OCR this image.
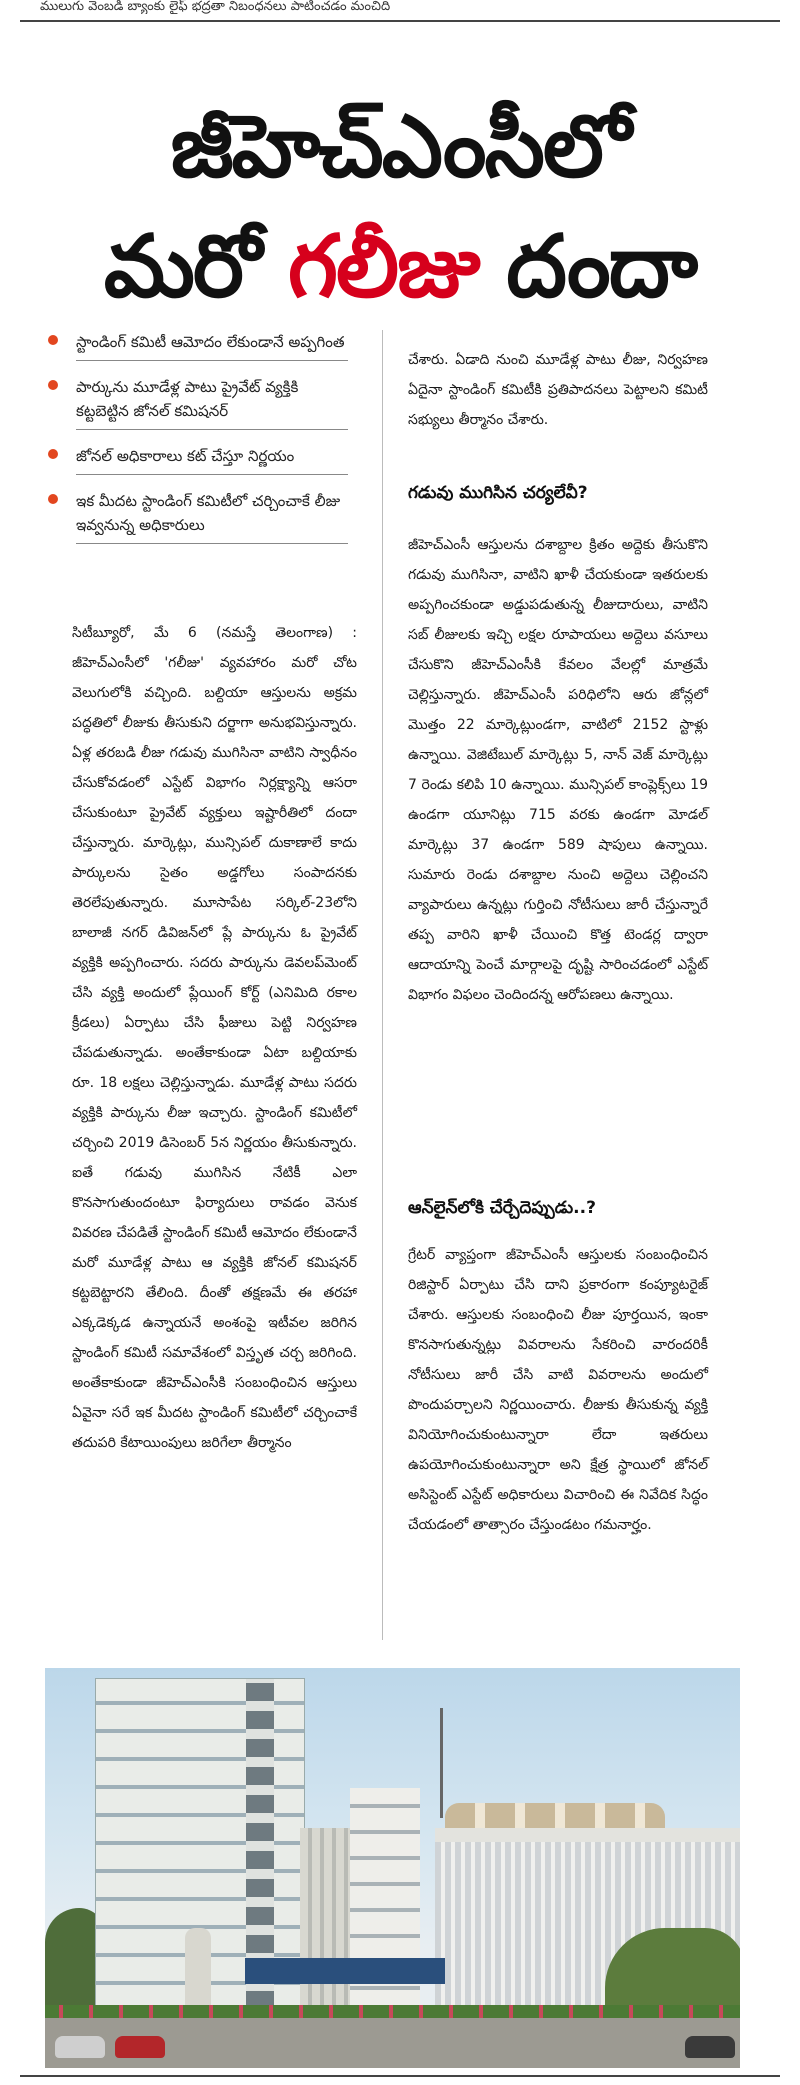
ములుగు వెంబడి బ్యాంకు లైఫ్ భద్రతా నిబంధనలు పాటించడం మంచిది
జీహెచ్ఎంసీలో
మరో గలీజు దందా
స్టాండింగ్ కమిటీ ఆమోదం లేకుండానే అప్పగింత
పార్కును మూడేళ్ల పాటు ప్రైవేట్ వ్యక్తికి కట్టబెట్టిన జోనల్ కమిషనర్
జోనల్ అధికారాలు కట్ చేస్తూ నిర్ణయం
ఇక మీదట స్టాండింగ్ కమిటీలో చర్చించాకే లీజు ఇవ్వనున్న అధికారులు
సిటీబ్యూరో, మే 6 (నమస్తే తెలంగాణ) : జీహెచ్ఎంసీలో 'గలీజు' వ్యవహారం మరో చోట వెలుగులోకి వచ్చింది. బల్దియా ఆస్తులను అక్రమ పద్ధతిలో లీజుకు తీసుకుని దర్జాగా అనుభవిస్తున్నారు. ఏళ్ల తరబడి లీజు గడువు ముగిసినా వాటిని స్వాధీనం చేసుకోవడంలో ఎస్టేట్ విభాగం నిర్లక్ష్యాన్ని ఆసరా చేసుకుంటూ ప్రైవేట్ వ్యక్తులు ఇష్టారీతిలో దందా చేస్తున్నారు. మార్కెట్లు, మున్సిపల్ దుకాణాలే కాదు పార్కులను సైతం అడ్డగోలు సంపాదనకు తెరలేపుతున్నారు. మూసాపేట సర్కిల్-23లోని బాలాజీ నగర్ డివిజన్‌లో ప్లే పార్కును ఓ ప్రైవేట్ వ్యక్తికి అప్పగించారు. సదరు పార్కును డెవలప్‌మెంట్ చేసి వ్యక్తి అందులో ప్లేయింగ్ కోర్ట్ (ఎనిమిది రకాల క్రీడలు) ఏర్పాటు చేసి ఫీజులు పెట్టి నిర్వహణ చేపడుతున్నాడు. అంతేకాకుండా ఏటా బల్దియాకు రూ. 18 లక్షలు చెల్లిస్తున్నాడు. మూడేళ్ల పాటు సదరు వ్యక్తికి పార్కును లీజు ఇచ్చారు. స్టాండింగ్ కమిటీలో చర్చించి 2019 డిసెంబర్ 5న నిర్ణయం తీసుకున్నారు. ఐతే గడువు ముగిసిన నేటికీ ఎలా కొనసాగుతుందంటూ ఫిర్యాదులు రావడం వెనుక వివరణ చేపడితే స్టాండింగ్ కమిటీ ఆమోదం లేకుండానే మరో మూడేళ్ల పాటు ఆ వ్యక్తికి జోనల్ కమిషనర్ కట్టబెట్టారని తేలింది. దీంతో తక్షణమే ఈ తరహా ఎక్కడెక్కడ ఉన్నాయనే అంశంపై ఇటీవల జరిగిన స్టాండింగ్ కమిటీ సమావేశంలో విస్తృత చర్చ జరిగింది. అంతేకాకుండా జీహెచ్ఎంసీకి సంబంధించిన ఆస్తులు ఏవైనా సరే ఇక మీదట స్టాండింగ్ కమిటీలో చర్చించాకే తదుపరి కేటాయింపులు జరిగేలా తీర్మానం
చేశారు. ఏడాది నుంచి మూడేళ్ల పాటు లీజు, నిర్వహణ ఏదైనా స్టాండింగ్ కమిటీకి ప్రతిపాదనలు పెట్టాలని కమిటీ సభ్యులు తీర్మానం చేశారు.
గడువు ముగిసిన చర్యలేవీ?
జీహెచ్ఎంసీ ఆస్తులను దశాబ్దాల క్రితం అద్దెకు తీసుకొని గడువు ముగిసినా, వాటిని ఖాళీ చేయకుండా ఇతరులకు అప్పగించకుండా అడ్డుపడుతున్న లీజుదారులు, వాటిని సబ్ లీజులకు ఇచ్చి లక్షల రూపాయలు అద్దెలు వసూలు చేసుకొని జీహెచ్ఎంసీకి కేవలం వేలల్లో మాత్రమే చెల్లిస్తున్నారు. జీహెచ్ఎంసీ పరిధిలోని ఆరు జోన్లలో మొత్తం 22 మార్కెట్లుండగా, వాటిలో 2152 స్టాళ్లు ఉన్నాయి. వెజిటేబుల్ మార్కెట్లు 5, నాన్ వెజ్ మార్కెట్లు 7 రెండు కలిపి 10 ఉన్నాయి. మున్సిపల్ కాంప్లెక్స్‌లు 19 ఉండగా యూనిట్లు 715 వరకు ఉండగా మోడల్ మార్కెట్లు 37 ఉండగా 589 షాపులు ఉన్నాయి. సుమారు రెండు దశాబ్దాల నుంచి అద్దెలు చెల్లించని వ్యాపారులు ఉన్నట్లు గుర్తించి నోటీసులు జారీ చేస్తున్నారే తప్ప వారిని ఖాళీ చేయించి కొత్త టెండర్ల ద్వారా ఆదాయాన్ని పెంచే మార్గాలపై దృష్టి సారించడంలో ఎస్టేట్ విభాగం విఫలం చెందిందన్న ఆరోపణలు ఉన్నాయి.
ఆన్‌లైన్‌లోకి చేర్చేదెప్పుడు..?
గ్రేటర్ వ్యాప్తంగా జీహెచ్ఎంసీ ఆస్తులకు సంబంధించిన రిజిస్టార్ ఏర్పాటు చేసి దాని ప్రకారంగా కంప్యూటరైజ్ చేశారు. ఆస్తులకు సంబంధించి లీజు పూర్తయిన, ఇంకా కొనసాగుతున్నట్లు వివరాలను సేకరించి వారందరికీ నోటీసులు జారీ చేసి వాటి వివరాలను అందులో పొందుపర్చాలని నిర్ణయించారు. లీజుకు తీసుకున్న వ్యక్తి వినియోగించుకుంటున్నారా లేదా ఇతరులు ఉపయోగించుకుంటున్నారా అని క్షేత్ర స్థాయిలో జోనల్ అసిస్టెంట్ ఎస్టేట్ అధికారులు విచారించి ఈ నివేదిక సిద్ధం చేయడంలో తాత్సారం చేస్తుండటం గమనార్హం.
